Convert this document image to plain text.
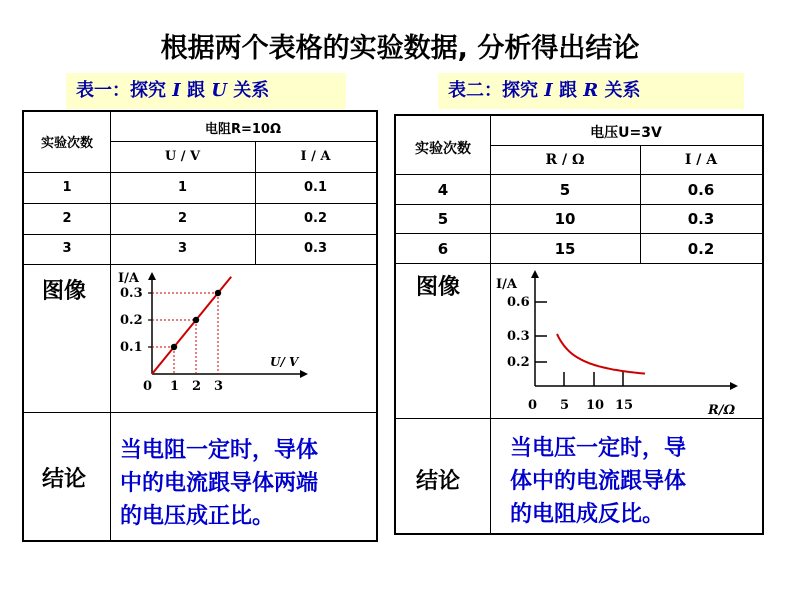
根据两个表格的实验数据, 分析得出结论
表一：探究 I 跟 U 关系	表二：探究 I 跟 R 关系
实验次数
电阻R=10Ω
U / V	I / A
1	1	0.1
2	2	0.2
3	3	0.3
图像
结论
当电阻一定时，导体
中的电流跟导体两端
的电压成正比。
1
0.1
2
0.2
3
0.3
I/A
U/ V
0
实验次数
电压U=3V
R / Ω	I / A
4	5	0.6
5	10	0.3
6	15	0.2
图像
结论
当电压一定时，导
体中的电流跟导体
的电阻成反比。
5 10 15
0.6
0.3
0.2
I/A
R/Ω
0
